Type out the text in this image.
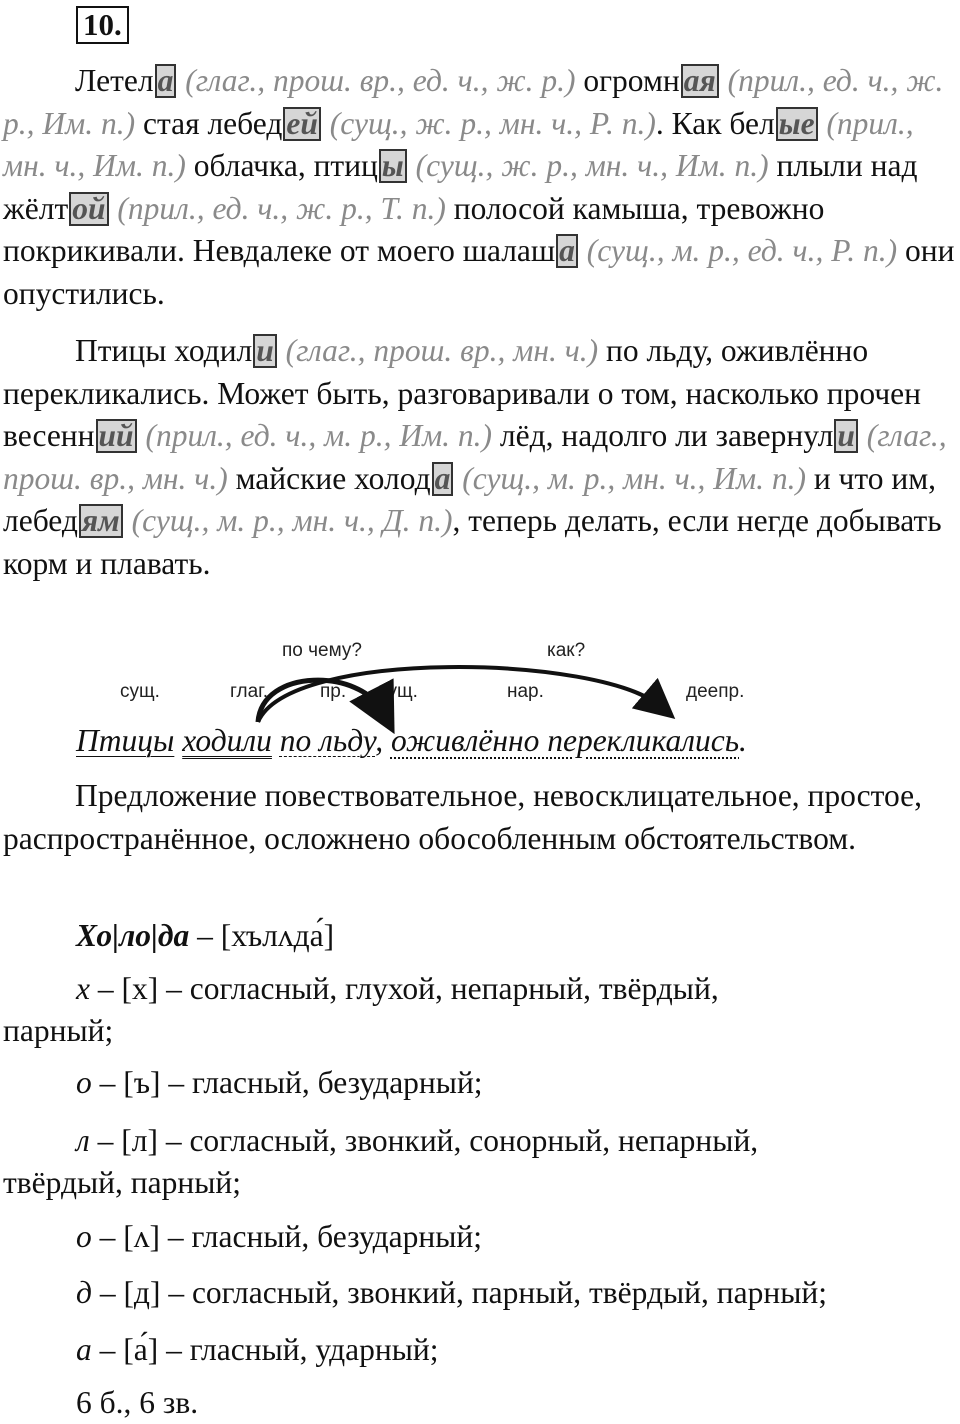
10.

Летел а (глаг., прош. вр., ед. ч., ж. р.) огромн ая (прил., ед. ч., ж. р., Им. п.) стая лебед ей (сущ., ж. р., мн. ч., Р. п.). Как бел ые (прил., мн. ч., Им. п.) облачка, птиц ы (сущ., ж. р., мн. ч., Им. п.) плыли над жёлт ой (прил., ед. ч., ж. р., Т. п.) полосой камыша, тревожно покрикивали. Невдалеке от моего шалаш а (сущ., м. р., ед. ч., Р. п.) они опустились.

Птицы ходил и (глаг., прош. вр., мн. ч.) по льду, оживлённо перекликались. Может быть, разговаривали о том, насколько прочен весенн ий (прил., ед. ч., м. р., Им. п.) лёд, надолго ли завернул и (глаг., прош. вр., мн. ч.) майские холод а (сущ., м. р., мн. ч., Им. п.) и что им, лебед ям (сущ., м. р., мн. ч., Д. п.), теперь делать, если негде добывать корм и плавать.

по чему?	как?
сущ.	глаг.	пр. сущ.	нар.	деепр.
Птицы ходили по льду, оживлённо перекликались.

Предложение повествовательное, невосклицательное, простое, распространённое, осложнено обособленным обстоятельством.

Хо|ло|да – [хълʌда́]
х – [х] – согласный, глухой, непарный, твёрдый,
парный;
о – [ъ] – гласный, безударный;
л – [л] – согласный, звонкий, сонорный, непарный,
твёрдый, парный;
о – [ʌ] – гласный, безударный;
д – [д] – согласный, звонкий, парный, твёрдый, парный;
а – [а́] – гласный, ударный;
6 б., 6 зв.
